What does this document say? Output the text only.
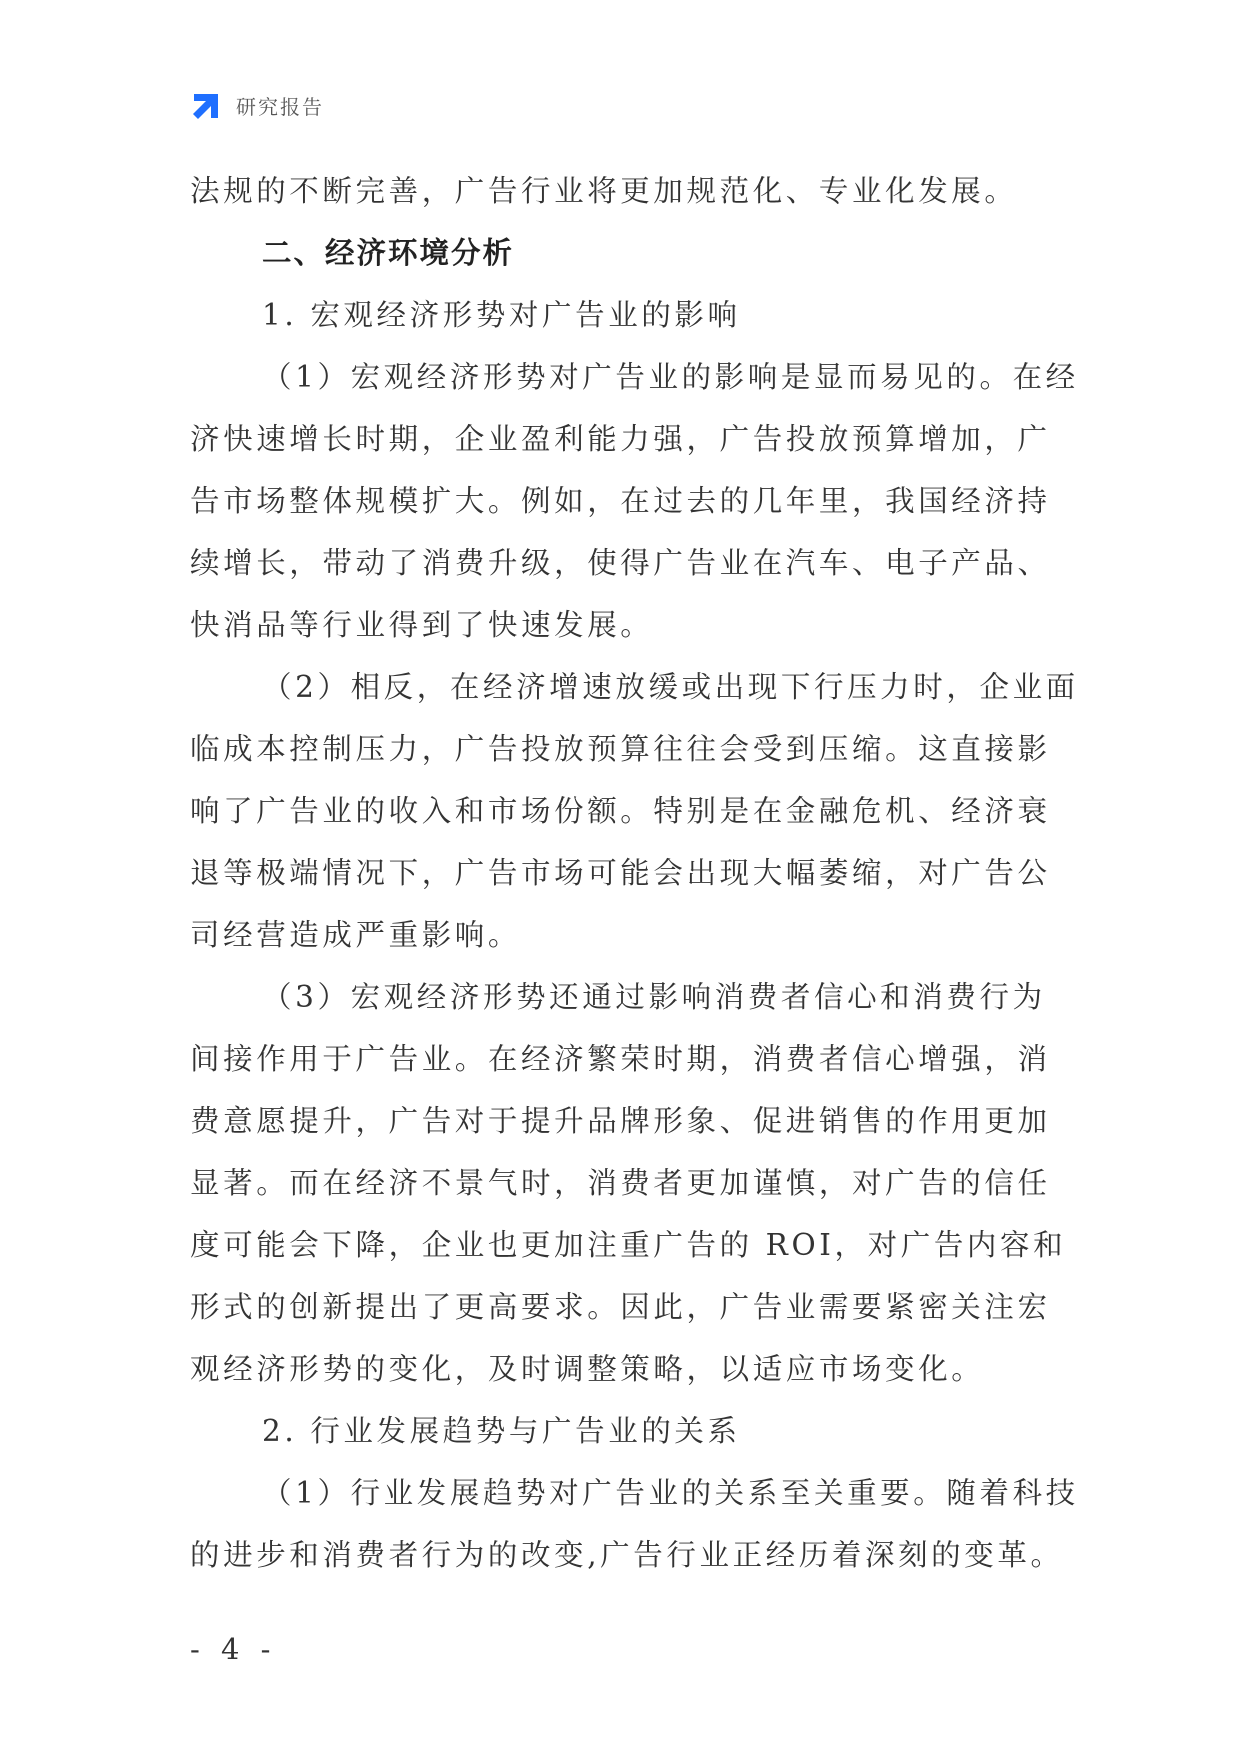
研究报告
法规的不断完善，广告行业将更加规范化、专业化发展。
二、经济环境分析
1. 宏观经济形势对广告业的影响
（1）宏观经济形势对广告业的影响是显而易见的。在经
济快速增长时期，企业盈利能力强，广告投放预算增加，广
告市场整体规模扩大。例如，在过去的几年里，我国经济持
续增长，带动了消费升级，使得广告业在汽车、电子产品、
快消品等行业得到了快速发展。
（2）相反，在经济增速放缓或出现下行压力时，企业面
临成本控制压力，广告投放预算往往会受到压缩。这直接影
响了广告业的收入和市场份额。特别是在金融危机、经济衰
退等极端情况下，广告市场可能会出现大幅萎缩，对广告公
司经营造成严重影响。
（3）宏观经济形势还通过影响消费者信心和消费行为
间接作用于广告业。在经济繁荣时期，消费者信心增强，消
费意愿提升，广告对于提升品牌形象、促进销售的作用更加
显著。而在经济不景气时，消费者更加谨慎，对广告的信任
度可能会下降，企业也更加注重广告的 ROI，对广告内容和
形式的创新提出了更高要求。因此，广告业需要紧密关注宏
观经济形势的变化，及时调整策略，以适应市场变化。
2. 行业发展趋势与广告业的关系
（1）行业发展趋势对广告业的关系至关重要。随着科技
的进步和消费者行为的改变,广告行业正经历着深刻的变革。
- 4 -
